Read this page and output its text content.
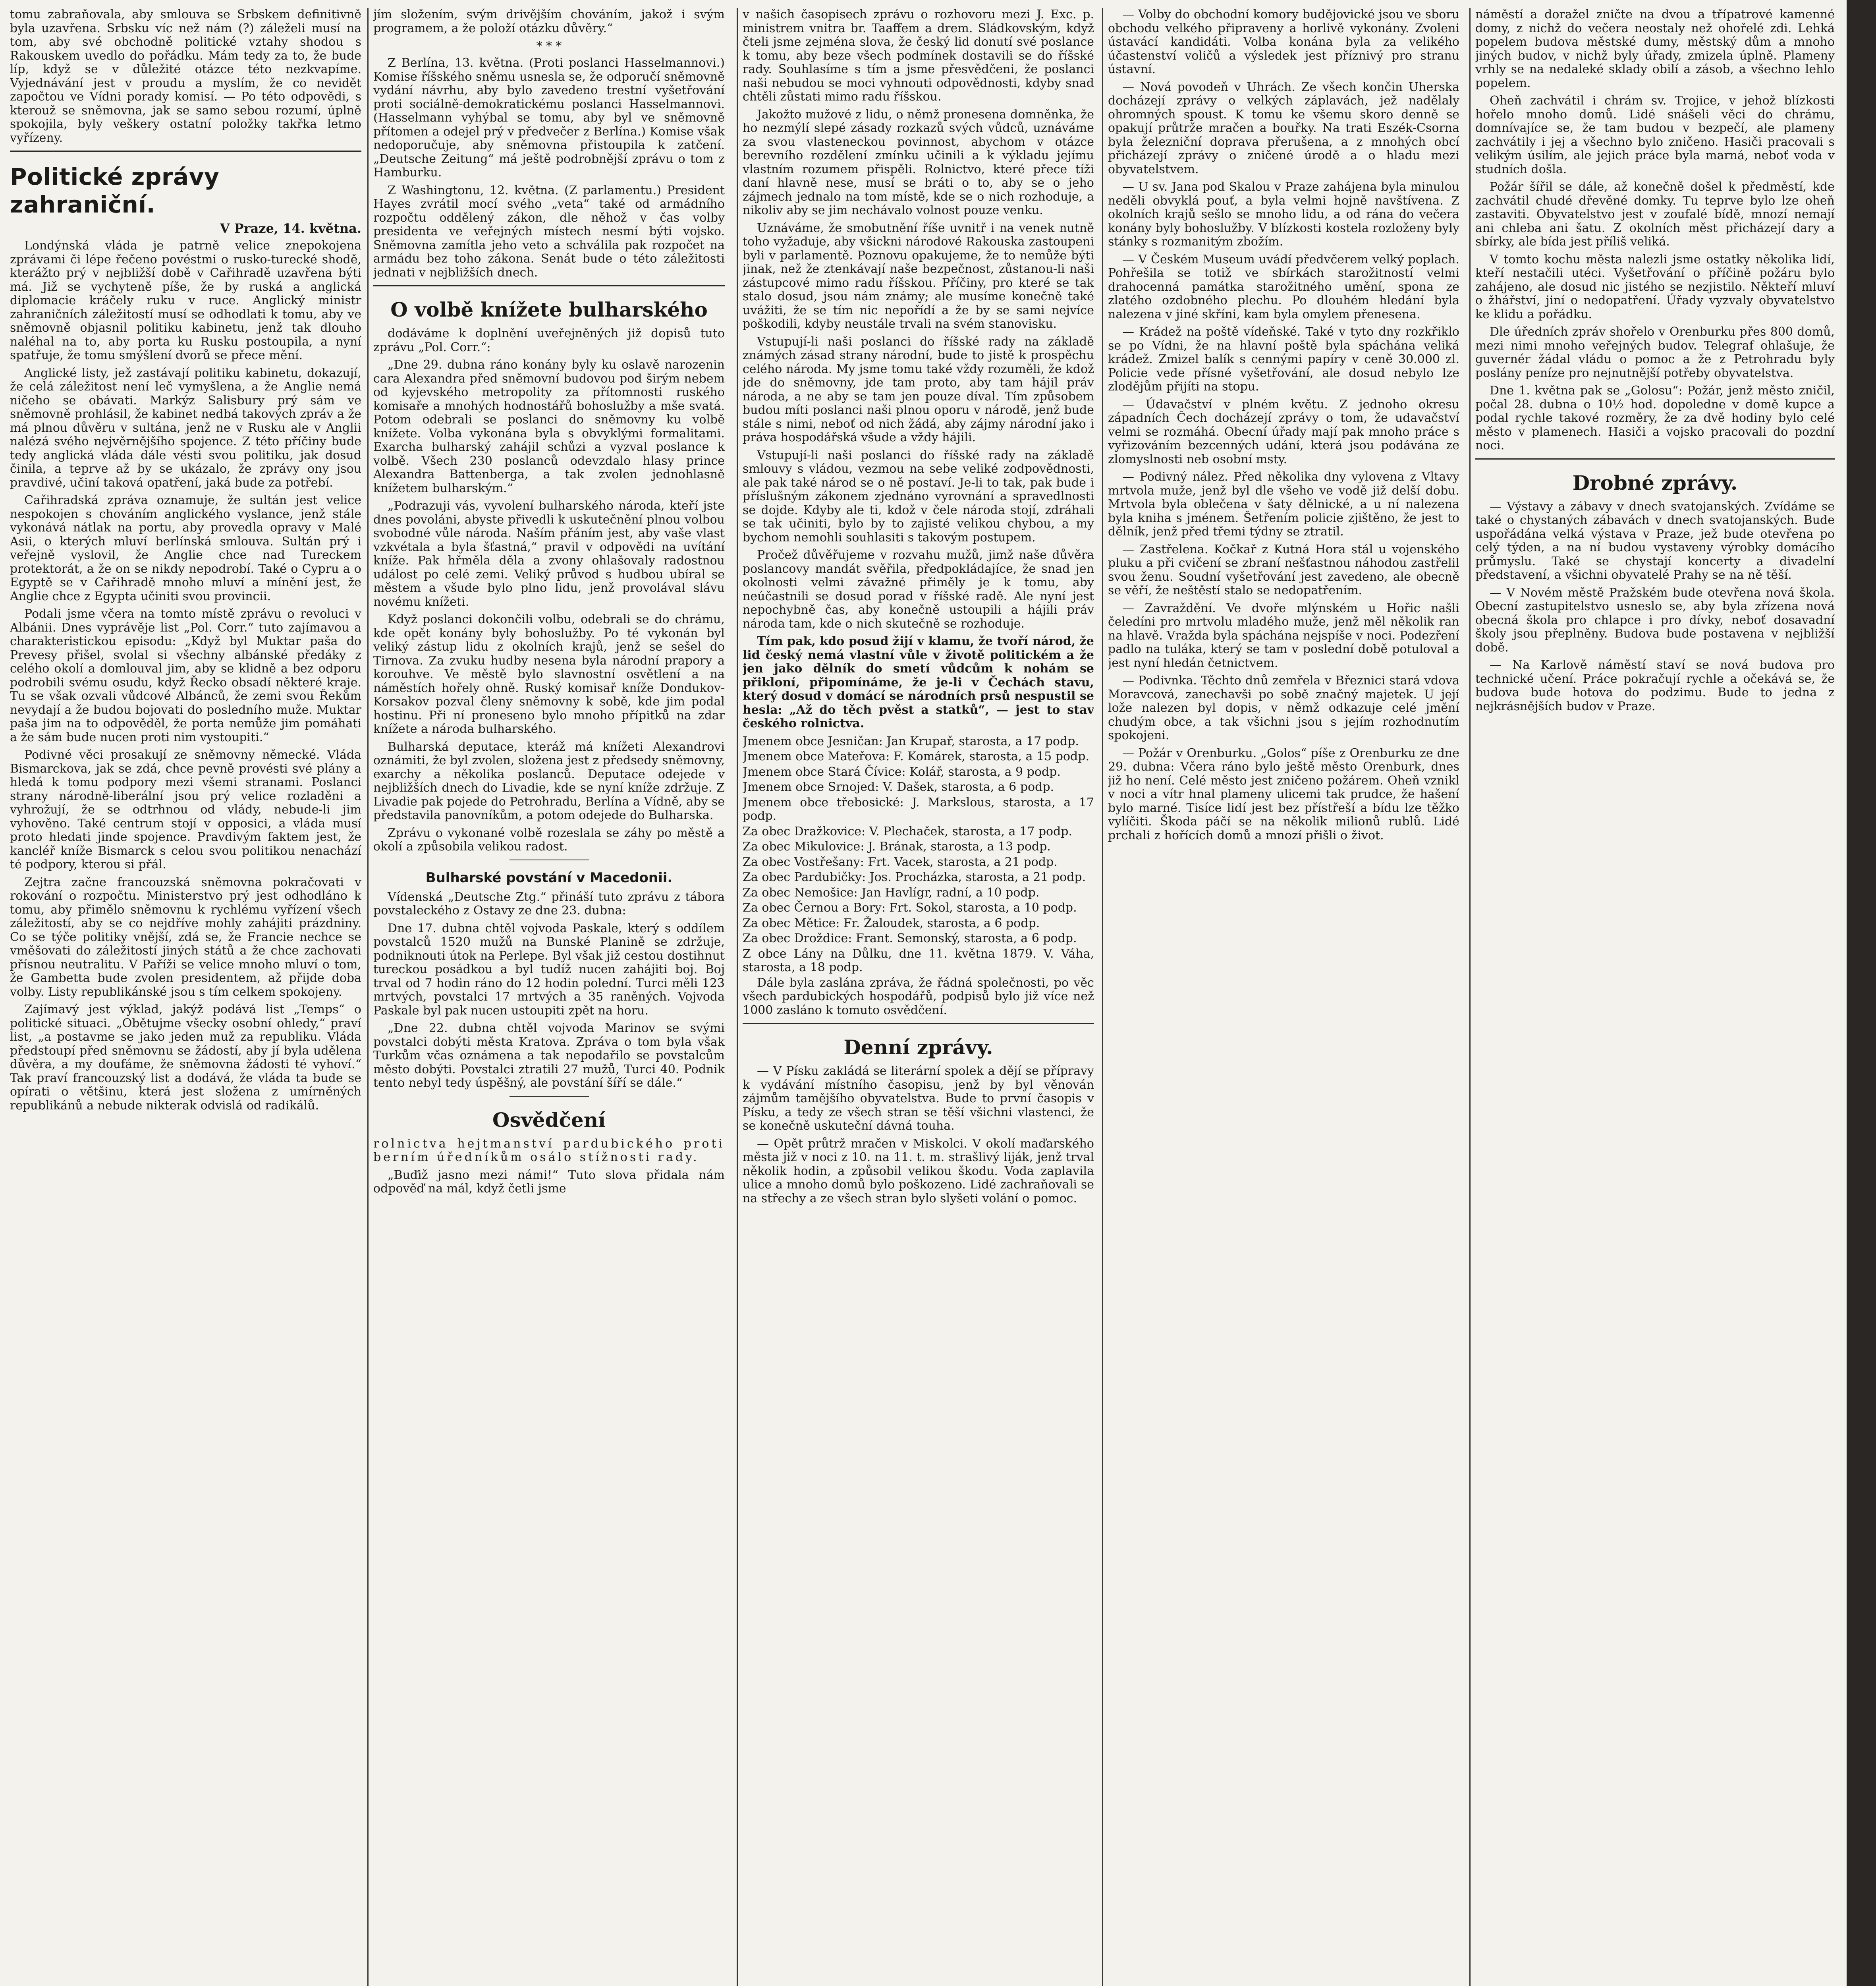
tomu zabraňovala, aby smlouva se Srbskem definitivně byla uzavřena. Srbsku víc než nám (?) záleželi musí na tom, aby své obchodně politické vztahy shodou s Rakouskem uvedlo do pořádku. Mám tedy za to, že bude líp, když se v důležité otázce této nezkvapíme. Vyjednávání jest v proudu a myslím, že co nevidět započtou ve Vídni porady komisí. — Po této odpovědi, s kterouž se sněmovna, jak se samo sebou rozumí, úplně spokojila, byly veškery ostatní položky takřka letmo vyřízeny.

Politické zprávy zahraniční.
V Praze, 14. května.

Londýnská vláda je patrně velice znepokojena zprávami či lépe řečeno povéstmi o rusko-turecké shodě, kterážto prý v nejbližší době v Cařihradě uzavřena býti má. Již se vychyteně píše, že by ruská a anglická diplomacie kráčely ruku v ruce. Anglický ministr zahraničních záležitostí musí se odhodlati k tomu, aby ve sněmovně objasnil politiku kabinetu, jenž tak dlouho naléhal na to, aby porta ku Rusku postoupila, a nyní spatřuje, že tomu smýšlení dvorů se přece mění.

Anglické listy, jež zastávají politiku kabinetu, dokazují, že celá záležitost není leč vymyšlena, a že Anglie nemá ničeho se obávati. Markýz Salisbury prý sám ve sněmovně prohlásil, že kabinet nedbá takových zpráv a že má plnou důvěru v sultána, jenž ne v Rusku ale v Anglii nalézá svého nejvěrnějšího spojence. Z této příčiny bude tedy anglická vláda dále vésti svou politiku, jak dosud činila, a teprve až by se ukázalo, že zprávy ony jsou pravdivé, učiní taková opatření, jaká bude za potřebí.

Cařihradská zpráva oznamuje, že sultán jest velice nespokojen s chováním anglického vyslance, jenž stále vykonává nátlak na portu, aby provedla opravy v Malé Asii, o kterých mluví berlínská smlouva. Sultán prý i veřejně vyslovil, že Anglie chce nad Tureckem protektorát, a že on se nikdy nepodrobí. Také o Cypru a o Egyptě se v Cařihradě mnoho mluví a mínění jest, že Anglie chce z Egypta učiniti svou provincii.

Podali jsme včera na tomto místě zprávu o revoluci v Albánii. Dnes vyprávěje list „Pol. Corr.“ tuto zajímavou a charakteristickou episodu: „Když byl Muktar paša do Prevesy přišel, svolal si všechny albánské předáky z celého okolí a domlouval jim, aby se klidně a bez odporu podrobili svému osudu, když Řecko obsadí některé kraje. Tu se však ozvali vůdcové Albánců, že zemi svou Řekům nevydají a že budou bojovati do posledního muže. Muktar paša jim na to odpověděl, že porta nemůže jim pomáhati a že sám bude nucen proti nim vystoupiti.“

Podivné věci prosakují ze sněmovny německé. Vláda Bismarckova, jak se zdá, chce pevně provésti své plány a hledá k tomu podpory mezi všemi stranami. Poslanci strany národně-liberální jsou prý velice rozladěni a vyhrožují, že se odtrhnou od vlády, nebude-li jim vyhověno. Také centrum stojí v opposici, a vláda musí proto hledati jinde spojence. Pravdivým faktem jest, že kancléř kníže Bismarck s celou svou politikou nenachází té podpory, kterou si přál.

Zejtra začne francouzská sněmovna pokračovati v rokování o rozpočtu. Ministerstvo prý jest odhodláno k tomu, aby přimělo sněmovnu k rychlému vyřízení všech záležitostí, aby se co nejdříve mohly zahájiti prázdniny. Co se týče politiky vnější, zdá se, že Francie nechce se vměšovati do záležitostí jiných států a že chce zachovati přísnou neutralitu. V Paříži se velice mnoho mluví o tom, že Gambetta bude zvolen presidentem, až přijde doba volby. Listy republikánské jsou s tím celkem spokojeny.

Zajímavý jest výklad, jakýž podává list „Temps“ o politické situaci. „Obětujme všecky osobní ohledy,“ praví list, „a postavme se jako jeden muž za republiku. Vláda předstoupí před sněmovnu se žádostí, aby jí byla udělena důvěra, a my doufáme, že sněmovna žádosti té vyhoví.“ Tak praví francouzský list a dodává, že vláda ta bude se opírati o většinu, která jest složena z umírněných republikánů a nebude nikterak odvislá od radikálů.

jím složením, svým drivějším chováním, jakož i svým programem, a že položí otázku důvěry.“

* * *

Z Berlína, 13. května. (Proti poslanci Hasselmannovi.) Komise říšského sněmu usnesla se, že odporučí sněmovně vydání návrhu, aby bylo zavedeno trestní vyšetřování proti sociálně-demokratickému poslanci Hasselmannovi. (Hasselmann vyhýbal se tomu, aby byl ve sněmovně přítomen a odejel prý v předvečer z Berlína.) Komise však nedoporučuje, aby sněmovna přistoupila k zatčení. „Deutsche Zeitung“ má ještě podrobnější zprávu o tom z Hamburku.

Z Washingtonu, 12. května. (Z parlamentu.) President Hayes zvrátil mocí svého „veta“ také od armádního rozpočtu oddělený zákon, dle něhož v čas volby presidenta ve veřejných místech nesmí býti vojsko. Sněmovna zamítla jeho veto a schválila pak rozpočet na armádu bez toho zákona. Senát bude o této záležitosti jednati v nejbližších dnech.

O volbě knížete bulharského

dodáváme k doplnění uveřejněných již dopisů tuto zprávu „Pol. Corr.“:

„Dne 29. dubna ráno konány byly ku oslavě narozenin cara Alexandra před sněmovní budovou pod širým nebem od kyjevského metropolity za přítomnosti ruského komisaře a mnohých hodnostářů bohoslužby a mše svatá. Potom odebrali se poslanci do sněmovny ku volbě knížete. Volba vykonána byla s obvyklými formalitami. Exarcha bulharský zahájil schůzi a vyzval poslance k volbě. Všech 230 poslanců odevzdalo hlasy prince Alexandra Battenberga, a tak zvolen jednohlasně knížetem bulharským.“

„Podrazuji vás, vyvolení bulharského národa, kteří jste dnes povoláni, abyste přivedli k uskutečnění plnou volbou svobodné vůle národa. Naším přáním jest, aby vaše vlast vzkvétala a byla šťastná,“ pravil v odpovědi na uvítání kníže. Pak hřměla děla a zvony ohlašovaly radostnou událost po celé zemi. Veliký průvod s hudbou ubíral se městem a všude bylo plno lidu, jenž provolával slávu novému knížeti.

Když poslanci dokončili volbu, odebrali se do chrámu, kde opět konány byly bohoslužby. Po té vykonán byl veliký zástup lidu z okolních krajů, jenž se sešel do Tirnova. Za zvuku hudby nesena byla národní prapory a korouhve. Ve městě bylo slavnostní osvětlení a na náměstích hořely ohně. Ruský komisař kníže Dondukov-Korsakov pozval členy sněmovny k sobě, kde jim podal hostinu. Při ní proneseno bylo mnoho přípitků na zdar knížete a národa bulharského.

Bulharská deputace, kteráž má knížeti Alexandrovi oznámiti, že byl zvolen, složena jest z předsedy sněmovny, exarchy a několika poslanců. Deputace odejede v nejbližších dnech do Livadie, kde se nyní kníže zdržuje. Z Livadie pak pojede do Petrohradu, Berlína a Vídně, aby se představila panovníkům, a potom odejede do Bulharska.

Zprávu o vykonané volbě rozeslala se záhy po městě a okolí a způsobila velikou radost.

Bulharské povstání v Macedonii.

Vídenská „Deutsche Ztg.“ přináší tuto zprávu z tábora povstaleckého z Ostavy ze dne 23. dubna:

Dne 17. dubna chtěl vojvoda Paskale, který s oddílem povstalců 1520 mužů na Bunské Planině se zdržuje, podniknouti útok na Perlepe. Byl však již cestou dostihnut tureckou posádkou a byl tudíž nucen zahájiti boj. Boj trval od 7 hodin ráno do 12 hodin polední. Turci měli 123 mrtvých, povstalci 17 mrtvých a 35 raněných. Vojvoda Paskale byl pak nucen ustoupiti zpět na horu.

„Dne 22. dubna chtěl vojvoda Marinov se svými povstalci dobýti města Kratova. Zpráva o tom byla však Turkům včas oznámena a tak nepodařilo se povstalcům město dobýti. Povstalci ztratili 27 mužů, Turci 40. Podnik tento nebyl tedy úspěšný, ale povstání šíří se dále.“

Osvědčení

rolnictva hejtmanství pardubického proti berním úředníkům osálo stížnosti rady.

„Buďiž jasno mezi námi!“ Tuto slova přidala nám odpověď na mál, když četli jsme

v našich časopisech zprávu o rozhovoru mezi J. Exc. p. ministrem vnitra br. Taaffem a drem. Sládkovským, když čteli jsme zejména slova, že český lid donutí své poslance k tomu, aby beze všech podmínek dostavili se do říšské rady. Souhlasíme s tím a jsme přesvědčeni, že poslanci naši nebudou se moci vyhnouti odpovědnosti, kdyby snad chtěli zůstati mimo radu říšskou.

Jakožto mužové z lidu, o němž pronesena domněnka, že ho nezmýlí slepé zásady rozkazů svých vůdců, uznáváme za svou vlasteneckou povinnost, abychom v otázce berevního rozdělení zmínku učinili a k výkladu jejímu vlastním rozumem přispěli. Rolnictvo, které přece tíži daní hlavně nese, musí se bráti o to, aby se o jeho zájmech jednalo na tom místě, kde se o nich rozhoduje, a nikoliv aby se jim nechávalo volnost pouze venku.

Uznáváme, že smobutnění říše uvnitř i na venek nutně toho vyžaduje, aby všickni národové Rakouska zastoupeni byli v parlamentě. Poznovu opakujeme, že to nemůže býti jinak, než že ztenkávají naše bezpečnost, zůstanou-li naši zástupcové mimo radu říšskou. Příčiny, pro které se tak stalo dosud, jsou nám známy; ale musíme konečně také uvážiti, že se tím nic nepořídí a že by se sami nejvíce poškodili, kdyby neustále trvali na svém stanovisku.

Vstupují-li naši poslanci do říšské rady na základě známých zásad strany národní, bude to jistě k prospěchu celého národa. My jsme tomu také vždy rozuměli, že kdož jde do sněmovny, jde tam proto, aby tam hájil práv národa, a ne aby se tam jen pouze díval. Tím způsobem budou míti poslanci naši plnou oporu v národě, jenž bude stále s nimi, neboť od nich žádá, aby zájmy národní jako i práva hospodářská všude a vždy hájili.

Vstupují-li naši poslanci do říšské rady na základě smlouvy s vládou, vezmou na sebe veliké zodpovědnosti, ale pak také národ se o ně postaví. Je-li to tak, pak bude i příslušným zákonem zjednáno vyrovnání a spravedlnosti se dojde. Kdyby ale ti, kdož v čele národa stojí, zdráhali se tak učiniti, bylo by to zajisté velikou chybou, a my bychom nemohli souhlasiti s takovým postupem.

Pročež důvěřujeme v rozvahu mužů, jimž naše důvěra poslancovy mandát svěřila, předpokládajíce, že snad jen okolnosti velmi závažné přiměly je k tomu, aby neúčastnili se dosud porad v říšské radě. Ale nyní jest nepochybně čas, aby konečně ustoupili a hájili práv národa tam, kde o nich skutečně se rozhoduje.

Tím pak, kdo posud žijí v klamu, že tvoří národ, že lid český nemá vlastní vůle v životě politickém a že jen jako dělník do smetí vůdcům k nohám se přikloní, připomínáme, že je-li v Čechách stavu, který dosud v domácí se národních prsů nespustil se hesla: „Až do těch pvěst a statků“, — jest to stav českého rolnictva.

Jmenem obce Jesničan: Jan Krupař, starosta, a 17 podp.

Jmenem obce Mateřova: F. Komárek, starosta, a 15 podp.

Jmenem obce Stará Čívice: Kolář, starosta, a 9 podp.

Jmenem obce Srnojed: V. Dašek, starosta, a 6 podp.

Jmenem obce třebosické: J. Markslous, starosta, a 17 podp.

Za obec Dražkovice: V. Plechaček, starosta, a 17 podp.

Za obec Mikulovice: J. Brának, starosta, a 13 podp.

Za obec Vostřešany: Frt. Vacek, starosta, a 21 podp.

Za obec Pardubičky: Jos. Procházka, starosta, a 21 podp.

Za obec Nemošice: Jan Havlígr, radní, a 10 podp.

Za obec Černou a Bory: Frt. Sokol, starosta, a 10 podp.

Za obec Mětice: Fr. Žaloudek, starosta, a 6 podp.

Za obec Droždice: Frant. Semonský, starosta, a 6 podp.

Z obce Lány na Důlku, dne 11. května 1879. V. Váha, starosta, a 18 podp.

Dále byla zaslána zpráva, že řádná společnosti, po věc všech pardubických hospodářů, podpisů bylo již více než 1000 zasláno k tomuto osvědčení.

Denní zprávy.

— V Písku zakládá se literární spolek a dějí se přípravy k vydávání místního časopisu, jenž by byl věnován zájmům tamějšího obyvatelstva. Bude to první časopis v Písku, a tedy ze všech stran se těší všichni vlastenci, že se konečně uskuteční dávná touha.

— Opět průtrž mračen v Miskolci. V okolí maďarského města již v noci z 10. na 11. t. m. strašlivý liják, jenž trval několik hodin, a způsobil velikou škodu. Voda zaplavila ulice a mnoho domů bylo poškozeno. Lidé zachraňovali se na střechy a ze všech stran bylo slyšeti volání o pomoc.

— Volby do obchodní komory budějovické jsou ve sboru obchodu velkého připraveny a horlivě vykonány. Zvoleni ústavácí kandidáti. Volba konána byla za velikého účastenství voličů a výsledek jest příznivý pro stranu ústavní.

— Nová povodeň v Uhrách. Ze všech končin Uherska docházejí zprávy o velkých záplavách, jež nadělaly ohromných spoust. K tomu ke všemu skoro denně se opakují průtrže mračen a bouřky. Na trati Eszék-Csorna byla železniční doprava přerušena, a z mnohých obcí přicházejí zprávy o zničené úrodě a o hladu mezi obyvatelstvem.

— U sv. Jana pod Skalou v Praze zahájena byla minulou neděli obvyklá pouť, a byla velmi hojně navštívena. Z okolních krajů sešlo se mnoho lidu, a od rána do večera konány byly bohoslužby. V blízkosti kostela rozloženy byly stánky s rozmanitým zbožím.

— V Českém Museum uvádí předvčerem velký poplach. Pohřešila se totiž ve sbírkách starožitností velmi drahocenná památka starožitného umění, spona ze zlatého ozdobného plechu. Po dlouhém hledání byla nalezena v jiné skříni, kam byla omylem přenesena.

— Krádež na poště vídeňské. Také v tyto dny rozkřiklo se po Vídni, že na hlavní poště byla spáchána veliká krádež. Zmizel balík s cennými papíry v ceně 30.000 zl. Policie vede přísné vyšetřování, ale dosud nebylo lze zlodějům přijíti na stopu.

— Údavačství v plném květu. Z jednoho okresu západních Čech docházejí zprávy o tom, že udavačství velmi se rozmáhá. Obecní úřady mají pak mnoho práce s vyřizováním bezcenných udání, která jsou podávána ze zlomyslnosti neb osobní msty.

— Podivný nález. Před několika dny vylovena z Vltavy mrtvola muže, jenž byl dle všeho ve vodě již delší dobu. Mrtvola byla oblečena v šaty dělnické, a u ní nalezena byla kniha s jménem. Šetřením policie zjištěno, že jest to dělník, jenž před třemi týdny se ztratil.

— Zastřelena. Kočkař z Kutná Hora stál u vojenského pluku a při cvičení se zbraní nešťastnou náhodou zastřelil svou ženu. Soudní vyšetřování jest zavedeno, ale obecně se věří, že neštěstí stalo se nedopatřením.

— Zavraždění. Ve dvoře mlýnském u Hořic našli čeledíni pro mrtvolu mladého muže, jenž měl několik ran na hlavě. Vražda byla spáchána nejspíše v noci. Podezření padlo na tuláka, který se tam v poslední době potuloval a jest nyní hledán četnictvem.

— Podivnka. Těchto dnů zemřela v Březnici stará vdova Moravcová, zanechavši po sobě značný majetek. U její lože nalezen byl dopis, v němž odkazuje celé jmění chudým obce, a tak všichni jsou s jejím rozhodnutím spokojeni.

— Požár v Orenburku. „Golos“ píše z Orenburku ze dne 29. dubna: Včera ráno bylo ještě město Orenburk, dnes již ho není. Celé město jest zničeno požárem. Oheň vznikl v noci a vítr hnal plameny ulicemi tak prudce, že hašení bylo marné. Tisíce lidí jest bez přístřeší a bídu lze těžko vylíčiti. Škoda páčí se na několik milionů rublů. Lidé prchali z hořících domů a mnozí přišli o život.

náměstí a doražel zničte na dvou a třípatrové kamenné domy, z nichž do večera neostaly než ohořelé zdi. Lehká popelem budova městské dumy, městský dům a mnoho jiných budov, v nichž byly úřady, zmizela úplně. Plameny vrhly se na nedaleké sklady obilí a zásob, a všechno lehlo popelem.

Oheň zachvátil i chrám sv. Trojice, v jehož blízkosti hořelo mnoho domů. Lidé snášeli věci do chrámu, domnívajíce se, že tam budou v bezpečí, ale plameny zachvátily i jej a všechno bylo zničeno. Hasiči pracovali s velikým úsilím, ale jejich práce byla marná, neboť voda v studních došla.

Požár šířil se dále, až konečně došel k předměstí, kde zachvátil chudé dřevěné domky. Tu teprve bylo lze oheň zastaviti. Obyvatelstvo jest v zoufalé bídě, mnozí nemají ani chleba ani šatu. Z okolních měst přicházejí dary a sbírky, ale bída jest příliš veliká.

V tomto kochu města nalezli jsme ostatky několika lidí, kteří nestačili utéci. Vyšetřování o příčině požáru bylo zahájeno, ale dosud nic jistého se nezjistilo. Někteří mluví o žhářství, jiní o nedopatření. Úřady vyzvaly obyvatelstvo ke klidu a pořádku.

Dle úředních zpráv shořelo v Orenburku přes 800 domů, mezi nimi mnoho veřejných budov. Telegraf ohlašuje, že guvernér žádal vládu o pomoc a že z Petrohradu byly poslány peníze pro nejnutnější potřeby obyvatelstva.

Dne 1. května pak se „Golosu“: Požár, jenž město zničil, počal 28. dubna o 10½ hod. dopoledne v domě kupce a podal rychle takové rozměry, že za dvě hodiny bylo celé město v plamenech. Hasiči a vojsko pracovali do pozdní noci.

Drobné zprávy.

— Výstavy a zábavy v dnech svatojanských. Zvídáme se také o chystaných zábavách v dnech svatojanských. Bude uspořádána velká výstava v Praze, jež bude otevřena po celý týden, a na ní budou vystaveny výrobky domácího průmyslu. Také se chystají koncerty a divadelní představení, a všichni obyvatelé Prahy se na ně těší.

— V Novém městě Pražském bude otevřena nová škola. Obecní zastupitelstvo usneslo se, aby byla zřízena nová obecná škola pro chlapce i pro dívky, neboť dosavadní školy jsou přeplněny. Budova bude postavena v nejbližší době.

— Na Karlově náměstí staví se nová budova pro technické učení. Práce pokračují rychle a očekává se, že budova bude hotova do podzimu. Bude to jedna z nejkrásnějších budov v Praze.
